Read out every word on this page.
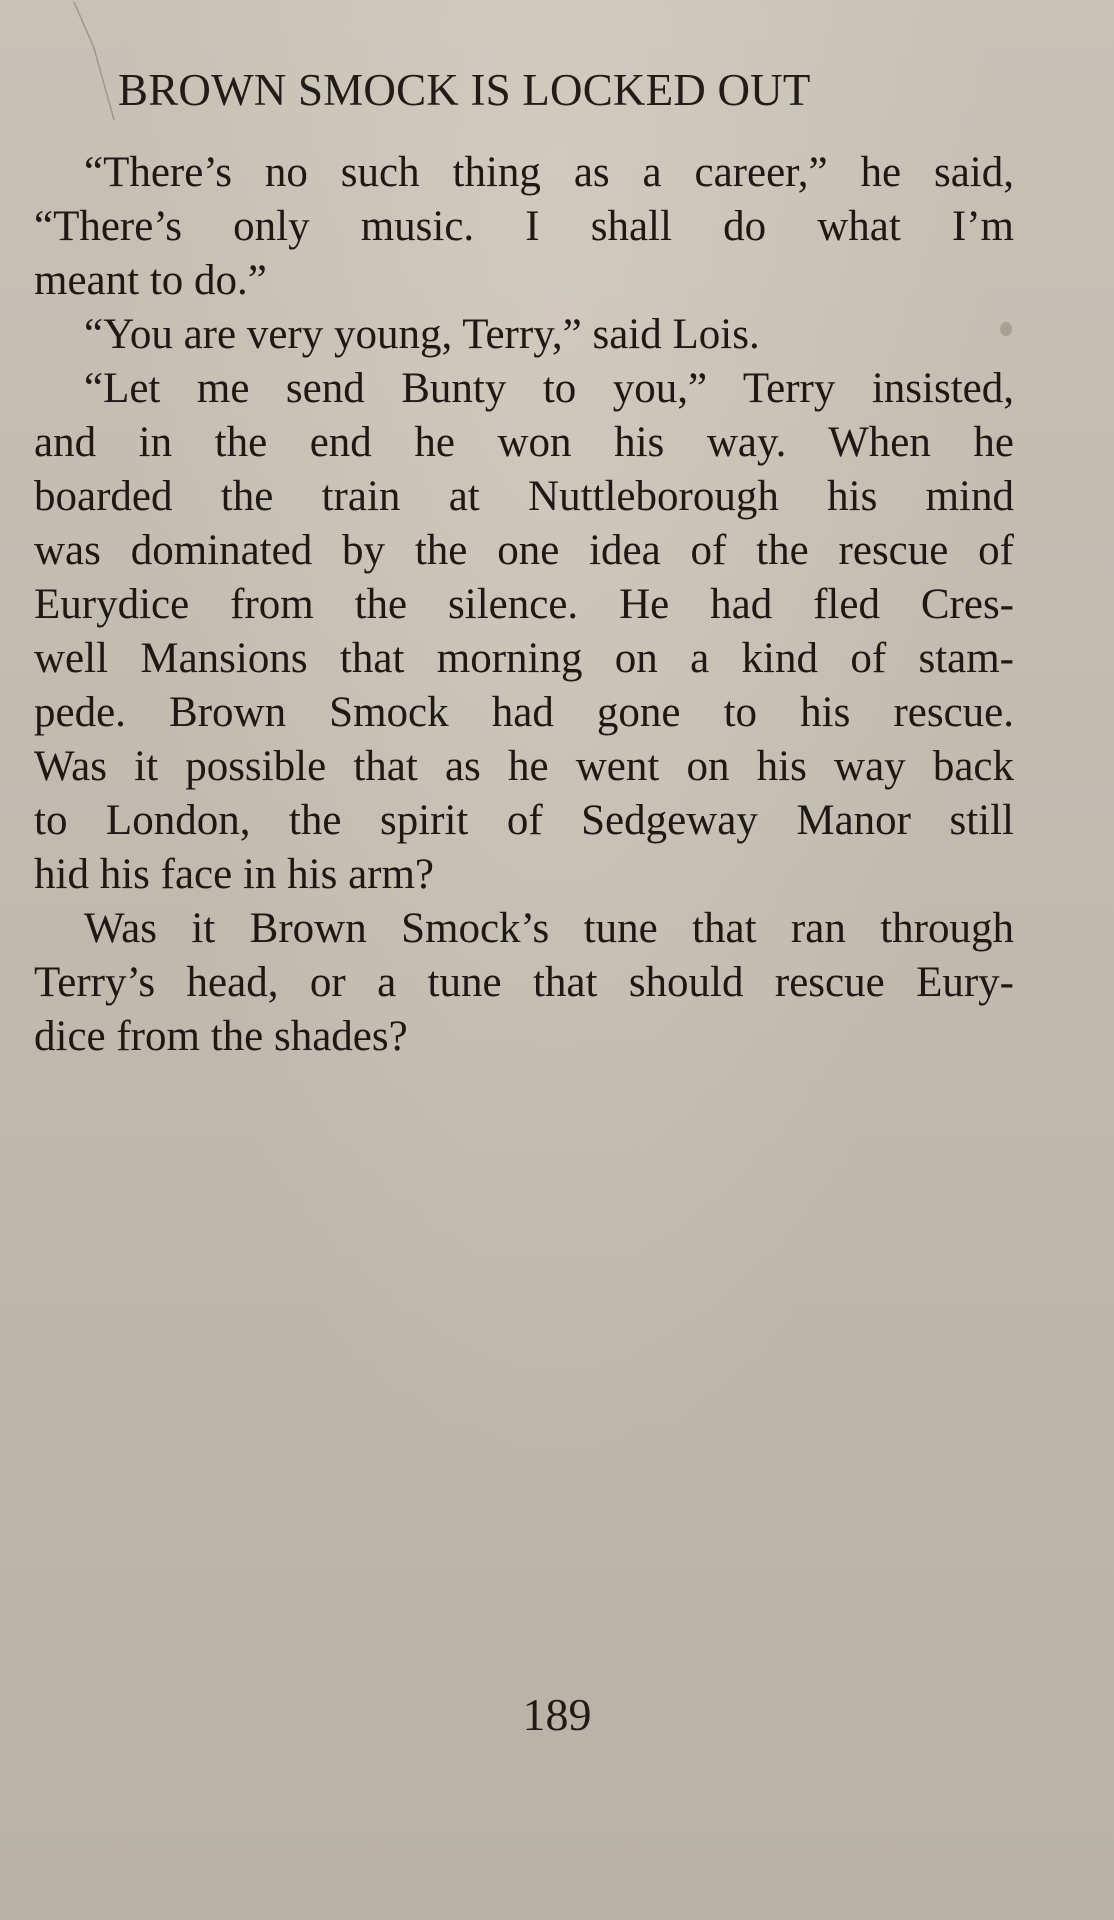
BROWN SMOCK IS LOCKED OUT
“There’s no such thing as a career,” he said,
“There’s only music. I shall do what I’m
meant to do.”
“You are very young, Terry,” said Lois.
“Let me send Bunty to you,” Terry insisted,
and in the end he won his way. When he
boarded the train at Nuttleborough his mind
was dominated by the one idea of the rescue of
Eurydice from the silence. He had fled Cres-
well Mansions that morning on a kind of stam-
pede. Brown Smock had gone to his rescue.
Was it possible that as he went on his way back
to London, the spirit of Sedgeway Manor still
hid his face in his arm?
Was it Brown Smock’s tune that ran through
Terry’s head, or a tune that should rescue Eury-
dice from the shades?
189
